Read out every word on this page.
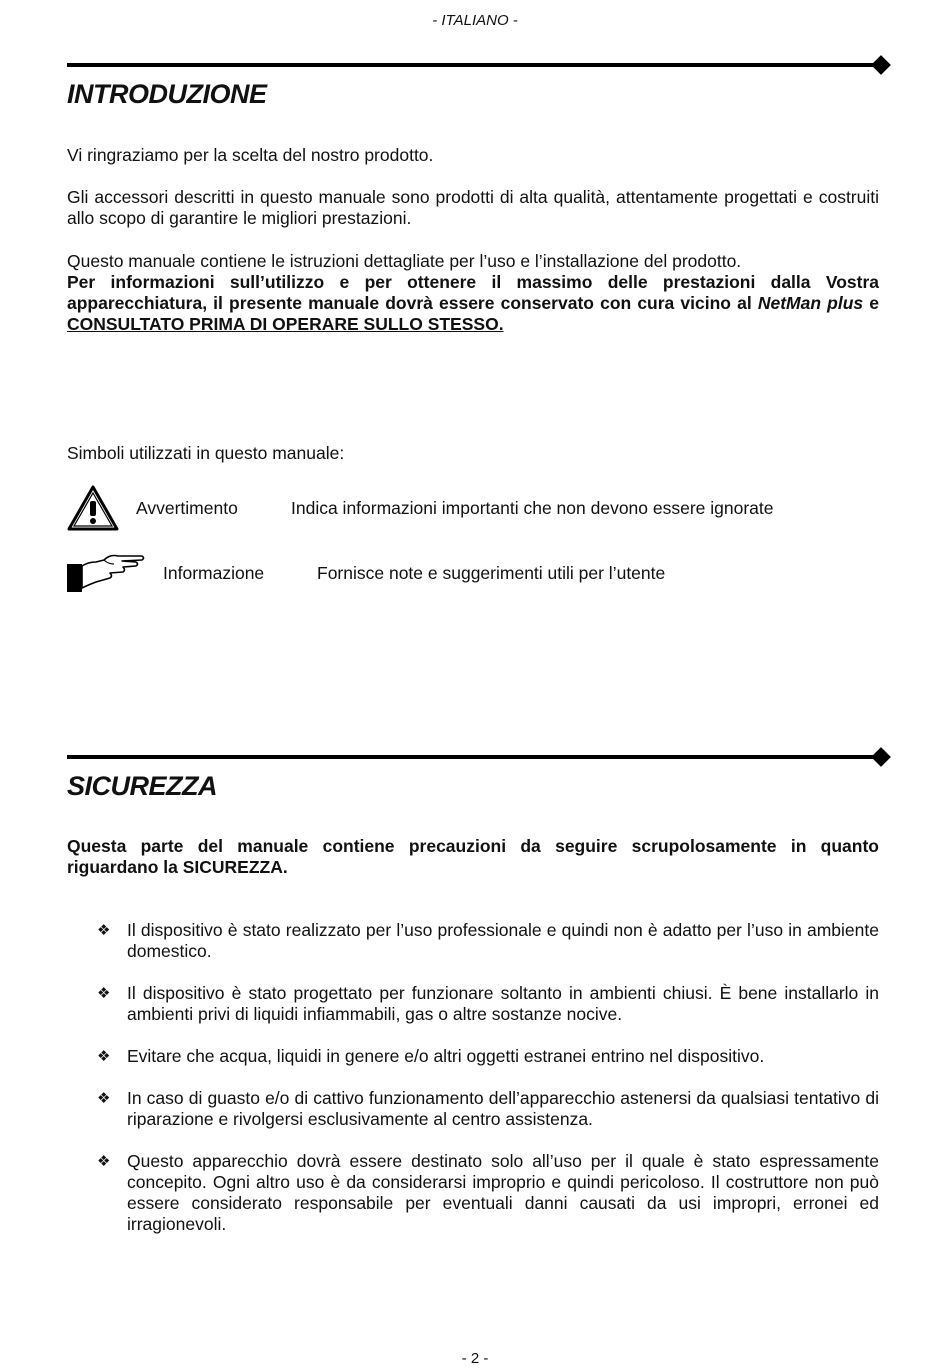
- ITALIANO -
INTRODUZIONE
Vi ringraziamo per la scelta del nostro prodotto.
Gli accessori descritti in questo manuale sono prodotti di alta qualità, attentamente progettati e costruiti allo scopo di garantire le migliori prestazioni.
Questo manuale contiene le istruzioni dettagliate per l’uso e l’installazione del prodotto.
Per informazioni sull’utilizzo e per ottenere il massimo delle prestazioni dalla Vostra apparecchiatura, il presente manuale dovrà essere conservato con cura vicino al NetMan plus e CONSULTATO PRIMA DI OPERARE SULLO STESSO.
Simboli utilizzati in questo manuale:
Avvertimento	Indica informazioni importanti che non devono essere ignorate
Informazione	Fornisce note e suggerimenti utili per l’utente
SICUREZZA
Questa parte del manuale contiene precauzioni da seguire scrupolosamente in quanto riguardano la SICUREZZA.
❖ Il dispositivo è stato realizzato per l’uso professionale e quindi non è adatto per l’uso in ambiente domestico.
❖ Il dispositivo è stato progettato per funzionare soltanto in ambienti chiusi. È bene installarlo in ambienti privi di liquidi infiammabili, gas o altre sostanze nocive.
❖ Evitare che acqua, liquidi in genere e/o altri oggetti estranei entrino nel dispositivo.
❖ In caso di guasto e/o di cattivo funzionamento dell’apparecchio astenersi da qualsiasi tentativo di riparazione e rivolgersi esclusivamente al centro assistenza.
❖ Questo apparecchio dovrà essere destinato solo all’uso per il quale è stato espressamente concepito. Ogni altro uso è da considerarsi improprio e quindi pericoloso. Il costruttore non può essere considerato responsabile per eventuali danni causati da usi impropri, erronei ed irragionevoli.
- 2 -
